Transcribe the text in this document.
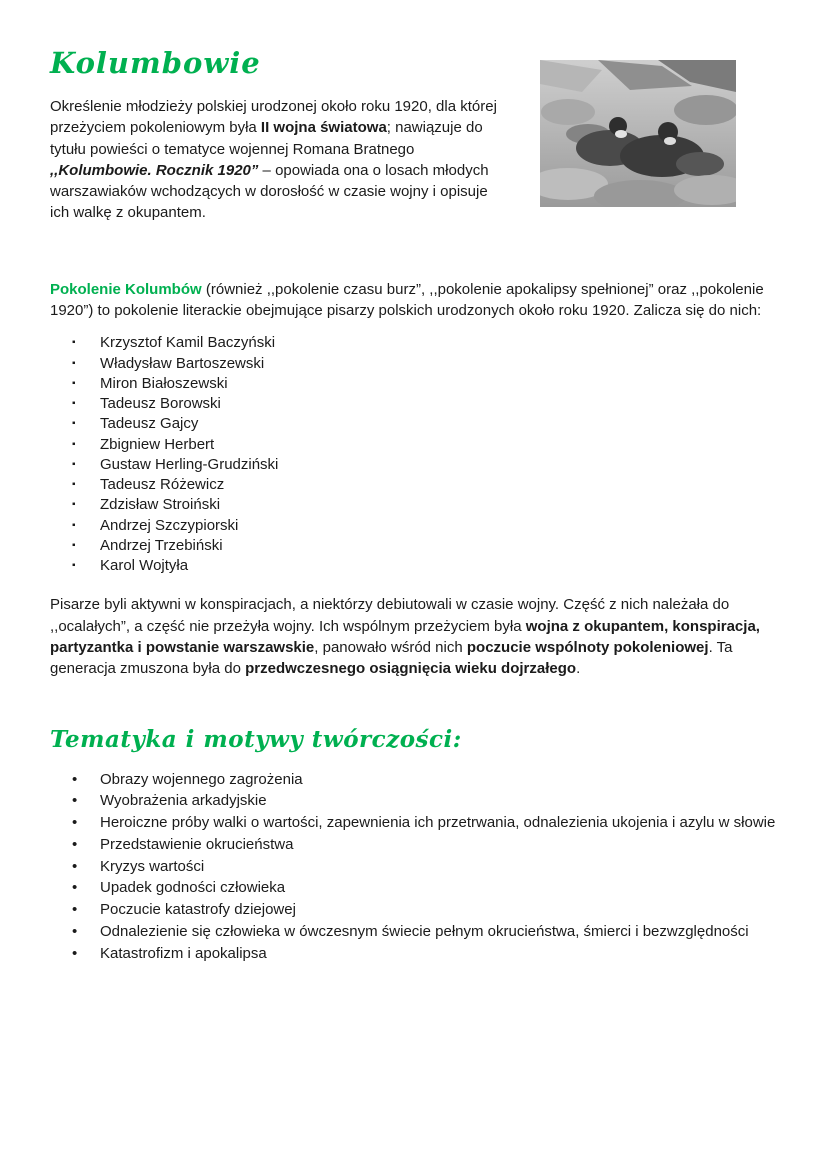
Kolumbowie

Określenie młodzieży polskiej urodzonej około roku 1920, dla której przeżyciem pokoleniowym była II wojna światowa; nawiązuje do tytułu powieści o tematyce wojennej Romana Bratnego ,,Kolumbowie. Rocznik 1920” – opowiada ona o losach młodych warszawiaków wchodzących w dorosłość w czasie wojny i opisuje ich walkę z okupantem.

Pokolenie Kolumbów (również ,,pokolenie czasu burz”, ,,pokolenie apokalipsy spełnionej” oraz ,,pokolenie 1920”) to pokolenie literackie obejmujące pisarzy polskich urodzonych około roku 1920. Zalicza się do nich:

▪	Krzysztof Kamil Baczyński
▪	Władysław Bartoszewski
▪	Miron Białoszewski
▪	Tadeusz Borowski
▪	Tadeusz Gajcy
▪	Zbigniew Herbert
▪	Gustaw Herling-Grudziński
▪	Tadeusz Różewicz
▪	Zdzisław Stroiński
▪	Andrzej Szczypiorski
▪	Andrzej Trzebiński
▪	Karol Wojtyła

Pisarze byli aktywni w konspiracjach, a niektórzy debiutowali w czasie wojny. Część z nich należała do ,,ocalałych”, a część nie przeżyła wojny. Ich wspólnym przeżyciem była wojna z okupantem, konspiracja, partyzantka i powstanie warszawskie, panowało wśród nich poczucie wspólnoty pokoleniowej. Ta generacja zmuszona była do przedwczesnego osiągnięcia wieku dojrzałego.

Tematyka i motywy twórczości:
•	Obrazy wojennego zagrożenia
•	Wyobrażenia arkadyjskie
•	Heroiczne próby walki o wartości, zapewnienia ich przetrwania, odnalezienia ukojenia i azylu w słowie
•	Przedstawienie okrucieństwa
•	Kryzys wartości
•	Upadek godności człowieka
•	Poczucie katastrofy dziejowej
•	Odnalezienie się człowieka w ówczesnym świecie pełnym okrucieństwa, śmierci i bezwzględności
•	Katastrofizm i apokalipsa
